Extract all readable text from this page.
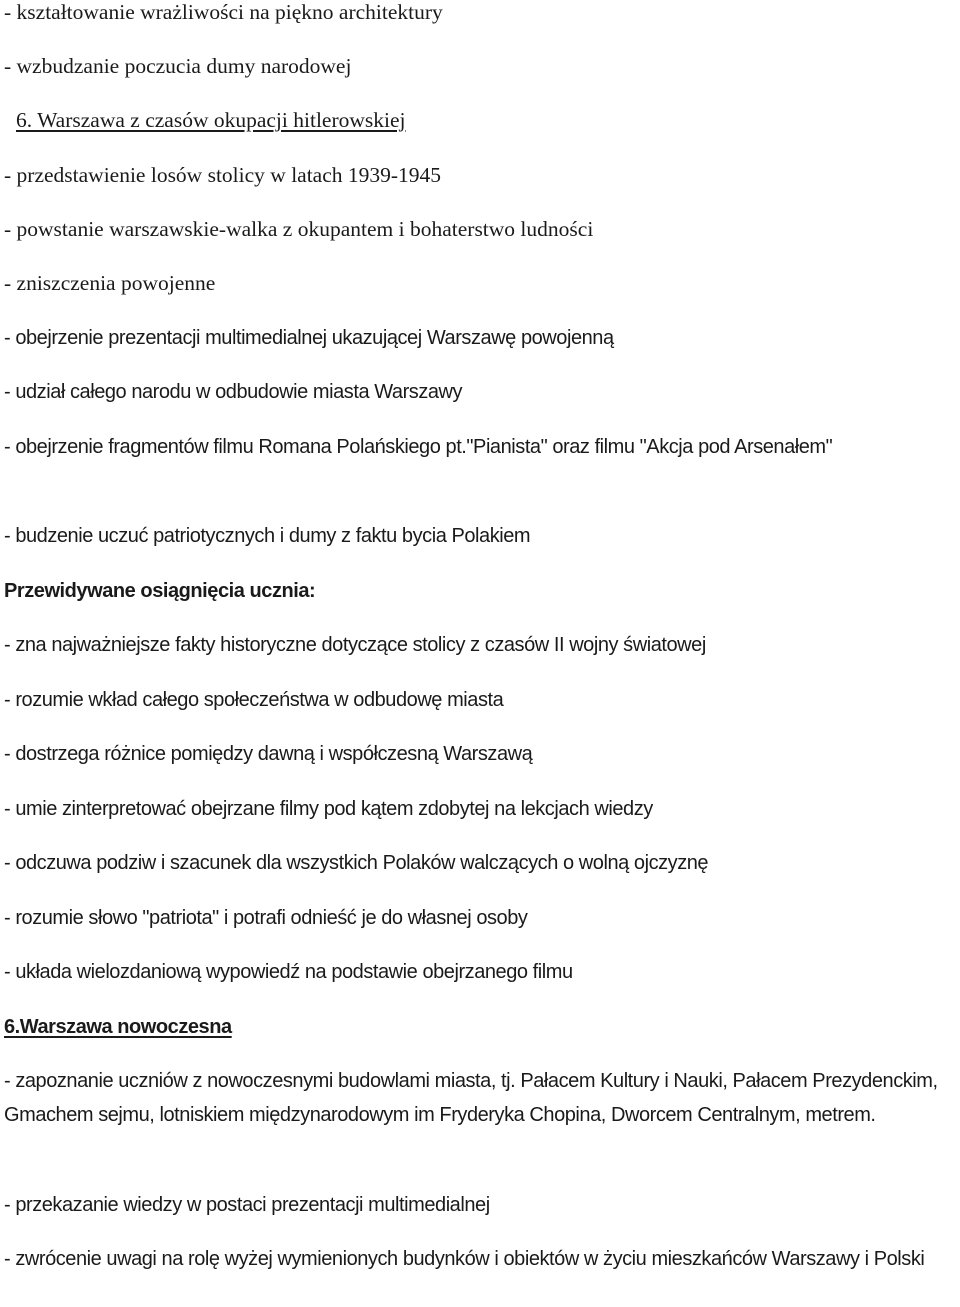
- kształtowanie wrażliwości na piękno architektury

- wzbudzanie poczucia dumy narodowej

6. Warszawa z czasów okupacji hitlerowskiej

- przedstawienie losów stolicy w latach 1939-1945

- powstanie warszawskie-walka z okupantem i bohaterstwo ludności

- zniszczenia powojenne

- obejrzenie prezentacji multimedialnej ukazującej Warszawę powojenną

- udział całego narodu w odbudowie miasta Warszawy

- obejrzenie fragmentów filmu Romana Polańskiego pt."Pianista" oraz filmu "Akcja pod Arsenałem"

- budzenie uczuć patriotycznych i dumy z faktu bycia Polakiem

Przewidywane osiągnięcia ucznia:

- zna najważniejsze fakty historyczne dotyczące stolicy z czasów II wojny światowej

- rozumie wkład całego społeczeństwa w odbudowę miasta

- dostrzega różnice pomiędzy dawną i współczesną Warszawą

- umie zinterpretować obejrzane filmy pod kątem zdobytej na lekcjach wiedzy

- odczuwa podziw i szacunek dla wszystkich Polaków walczących o wolną ojczyznę

- rozumie słowo "patriota" i potrafi odnieść je do własnej osoby

- układa wielozdaniową wypowiedź na podstawie obejrzanego filmu

6.Warszawa nowoczesna

- zapoznanie uczniów z nowoczesnymi budowlami miasta, tj. Pałacem Kultury i Nauki, Pałacem Prezydenckim, Gmachem sejmu, lotniskiem międzynarodowym im Fryderyka Chopina, Dworcem Centralnym, metrem.

- przekazanie wiedzy w postaci prezentacji multimedialnej

- zwrócenie uwagi na rolę wyżej wymienionych budynków i obiektów w życiu mieszkańców Warszawy i Polski
